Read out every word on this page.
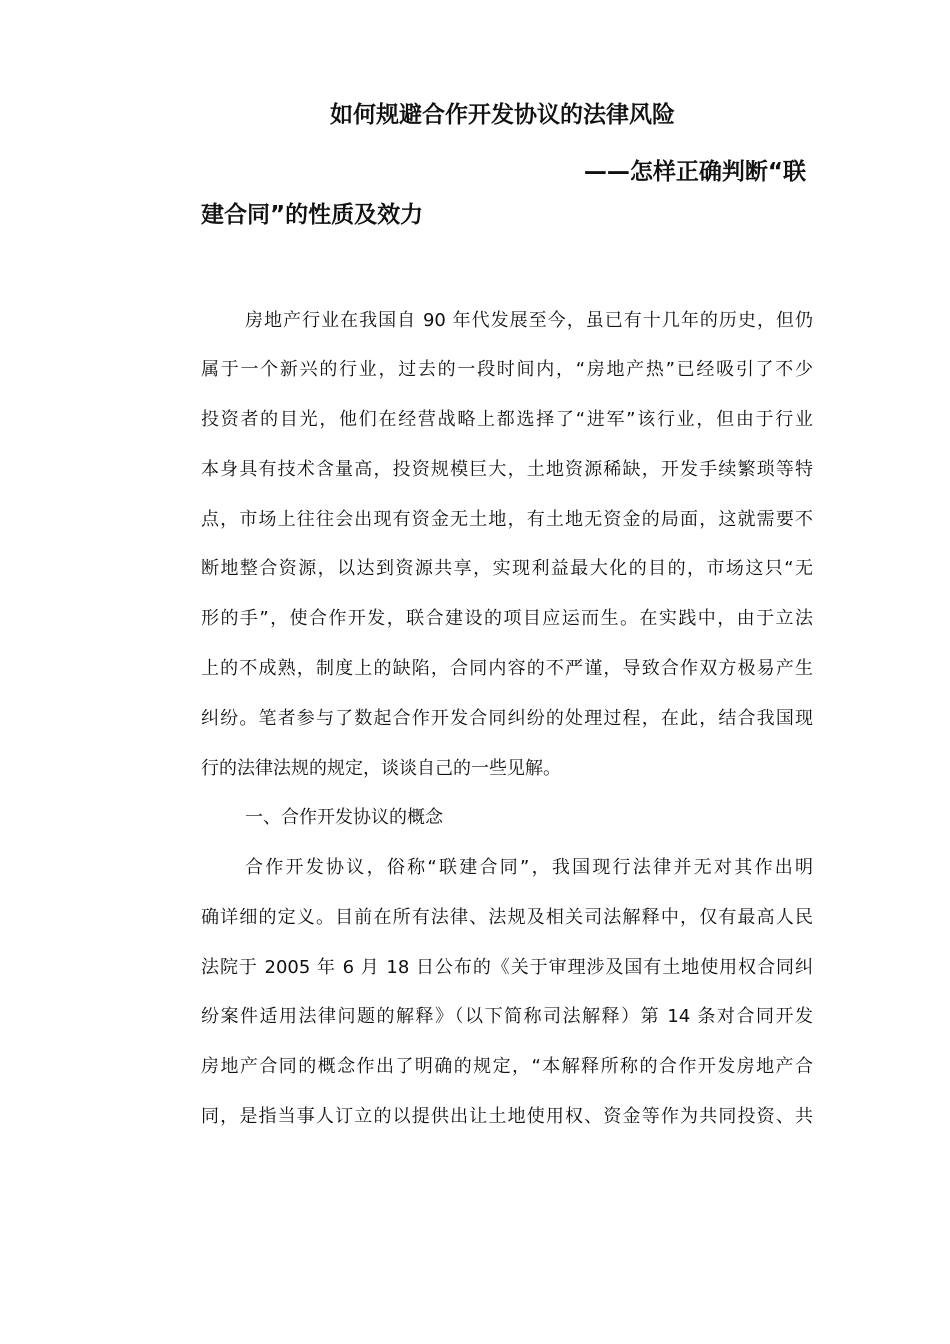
如何规避合作开发协议的法律风险
——怎样正确判断“联
建合同”的性质及效力

房地产行业在我国自 90 年代发展至今，虽已有十几年的历史，但仍

属于一个新兴的行业，过去的一段时间内，“房地产热”已经吸引了不少

投资者的目光，他们在经营战略上都选择了“进军”该行业，但由于行业

本身具有技术含量高，投资规模巨大，土地资源稀缺，开发手续繁琐等特

点，市场上往往会出现有资金无土地，有土地无资金的局面，这就需要不

断地整合资源，以达到资源共享，实现利益最大化的目的，市场这只“无

形的手”，使合作开发，联合建设的项目应运而生。在实践中，由于立法

上的不成熟，制度上的缺陷，合同内容的不严谨，导致合作双方极易产生

纠纷。笔者参与了数起合作开发合同纠纷的处理过程，在此，结合我国现

行的法律法规的规定，谈谈自己的一些见解。

一、合作开发协议的概念

合作开发协议，俗称“联建合同”，我国现行法律并无对其作出明

确详细的定义。目前在所有法律、法规及相关司法解释中，仅有最高人民

法院于 2005 年 6 月 18 日公布的《关于审理涉及国有土地使用权合同纠

纷案件适用法律问题的解释》（以下简称司法解释）第 14 条对合同开发

房地产合同的概念作出了明确的规定，“本解释所称的合作开发房地产合

同，是指当事人订立的以提供出让土地使用权、资金等作为共同投资、共
